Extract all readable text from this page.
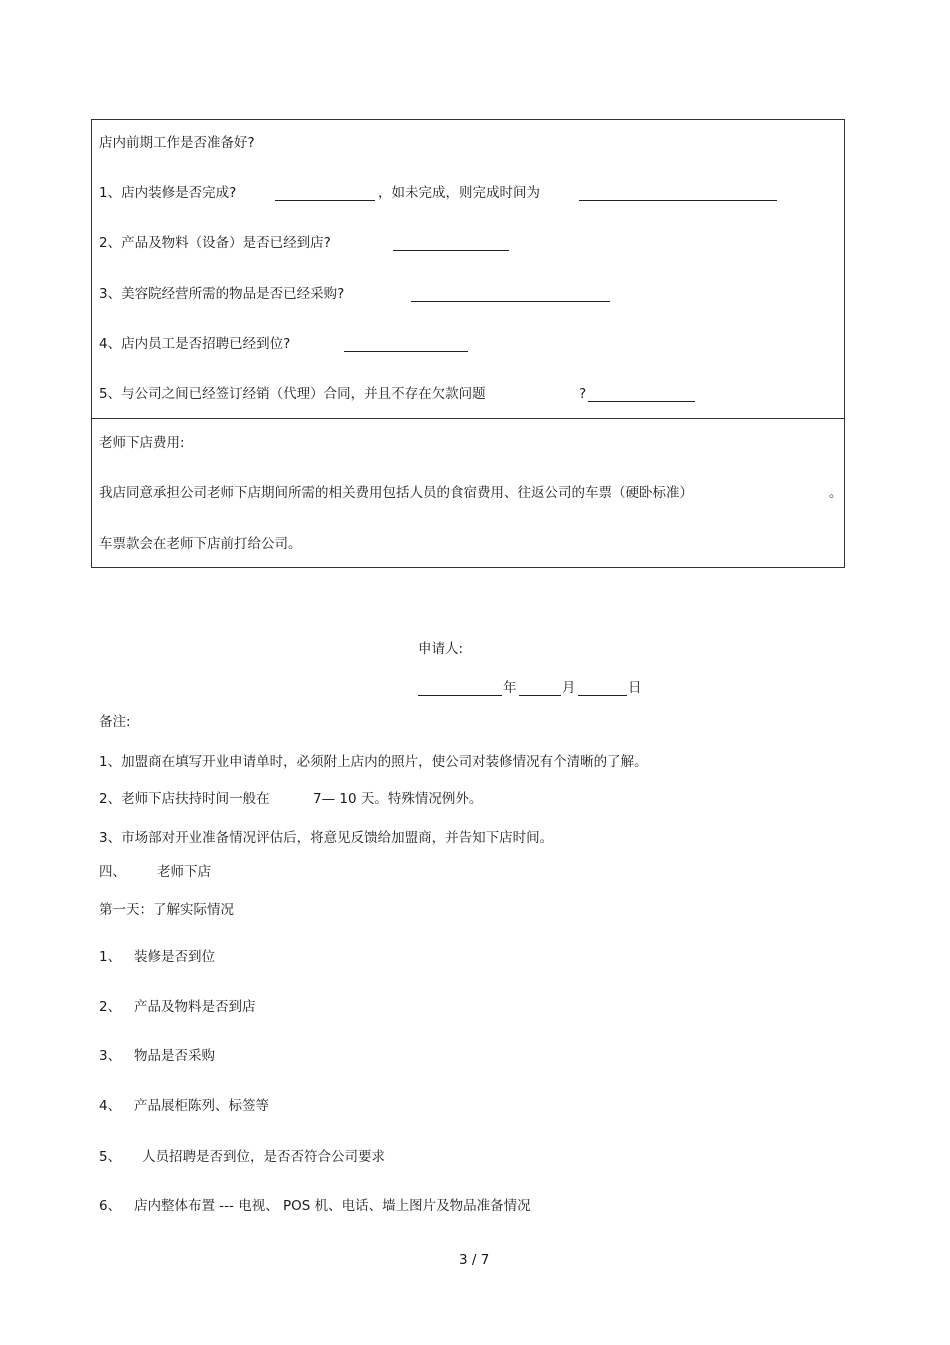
店内前期工作是否准备好?
1、店内装修是否完成?	，如未完成，则完成时间为
2、产品及物料（设备）是否已经到店?
3、美容院经营所需的物品是否已经采购?
4、店内员工是否招聘已经到位?
5、与公司之间已经签订经销（代理）合同，并且不存在欠款问题	?
老师下店费用:
我店同意承担公司老师下店期间所需的相关费用包括人员的食宿费用、往返公司的车票（硬卧标准）	。
车票款会在老师下店前打给公司。
申请人:
年	月	日
备注:
1、加盟商在填写开业申请单时，必须附上店内的照片，使公司对装修情况有个清晰的了解。
2、老师下店扶持时间一般在	7— 10 天。特殊情况例外。
3、市场部对开业准备情况评估后，将意见反馈给加盟商，并告知下店时间。
四、 老师下店
第一天：了解实际情况
1、 装修是否到位
2、 产品及物料是否到店
3、 物品是否采购
4、 产品展柜陈列、标签等
5、 人员招聘是否到位，是否否符合公司要求
6、 店内整体布置 --- 电视、 POS 机、电话、墙上图片及物品准备情况
3 / 7
